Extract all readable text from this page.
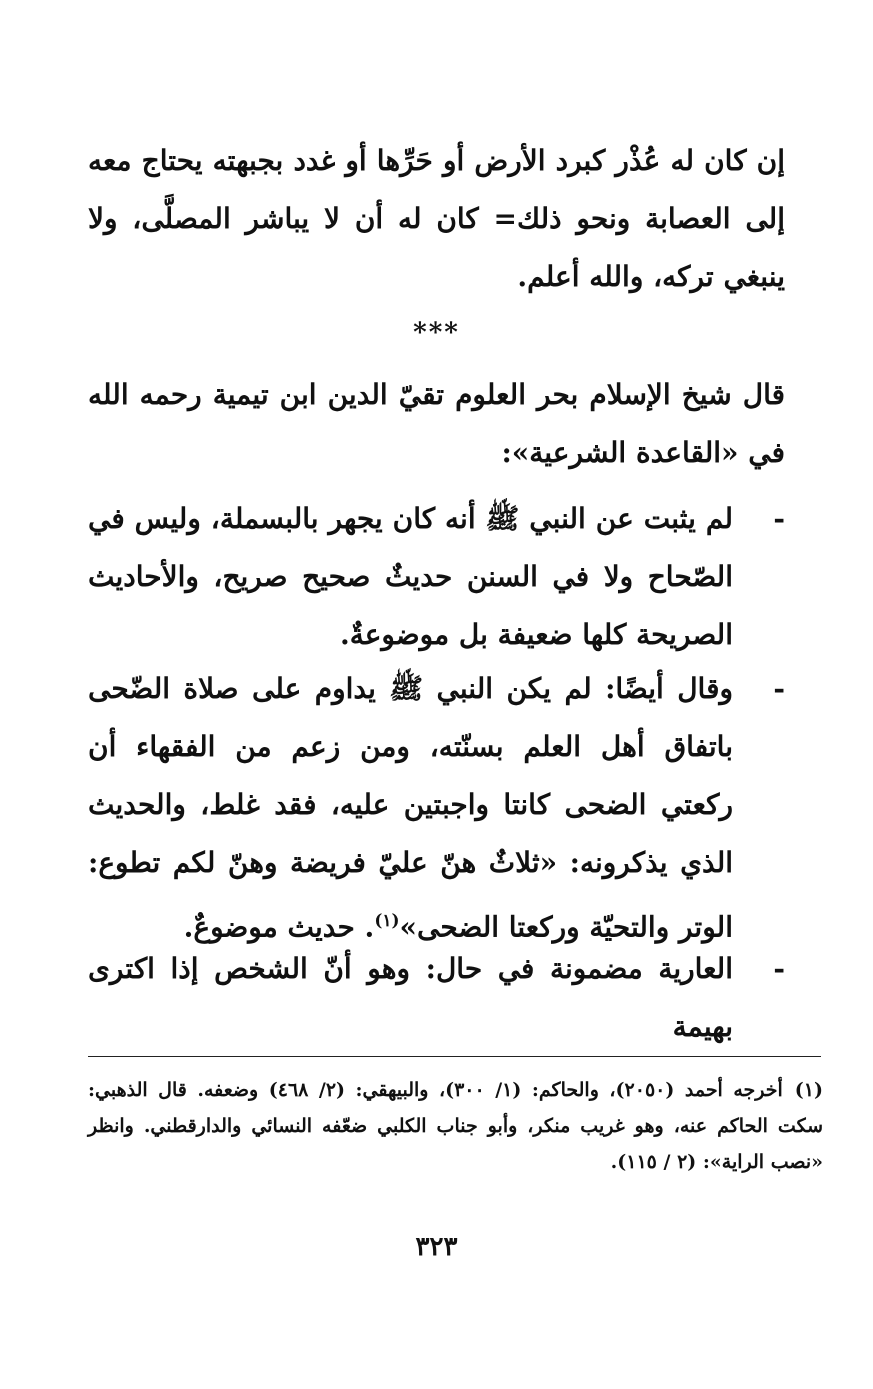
إن كان له عُذْر كبرد الأرض أو حَرِّها أو غدد بجبهته يحتاج معه إلى العصابة ونحو ذلك= كان له أن لا يباشر المصلَّى، ولا ينبغي تركه، والله أعلم.

***

قال شيخ الإسلام بحر العلوم تقيّ الدين ابن تيمية رحمه الله في «القاعدة الشرعية»:

-
لم يثبت عن النبي ﷺ أنه كان يجهر بالبسملة، وليس في الصّحاح ولا في السنن حديثٌ صحيح صريح، والأحاديث الصريحة كلها ضعيفة بل موضوعةٌ.
-
وقال أيضًا: لم يكن النبي ﷺ يداوم على صلاة الضّحى باتفاق أهل العلم بسنّته، ومن زعم من الفقهاء أن ركعتي الضحى كانتا واجبتين عليه، فقد غلط، والحديث الذي يذكرونه: «ثلاثٌ هنّ عليّ فريضة وهنّ لكم تطوع: الوتر والتحيّة وركعتا الضحى»$^{(١)}$. حديث موضوعٌ.
-
العارية مضمونة في حال: وهو أنّ الشخص إذا اكترى بهيمة
(١)أخرجه أحمد (٢٠٥٠)، والحاكم: (١/ ٣٠٠)، والبيهقي: (٢/ ٤٦٨) وضعفه. قال الذهبي: سكت الحاكم عنه، وهو غريب منكر، وأبو جناب الكلبي ضعّفه النسائي والدارقطني. وانظر «نصب الراية»: (٢ / ١١٥).
٣٢٣
